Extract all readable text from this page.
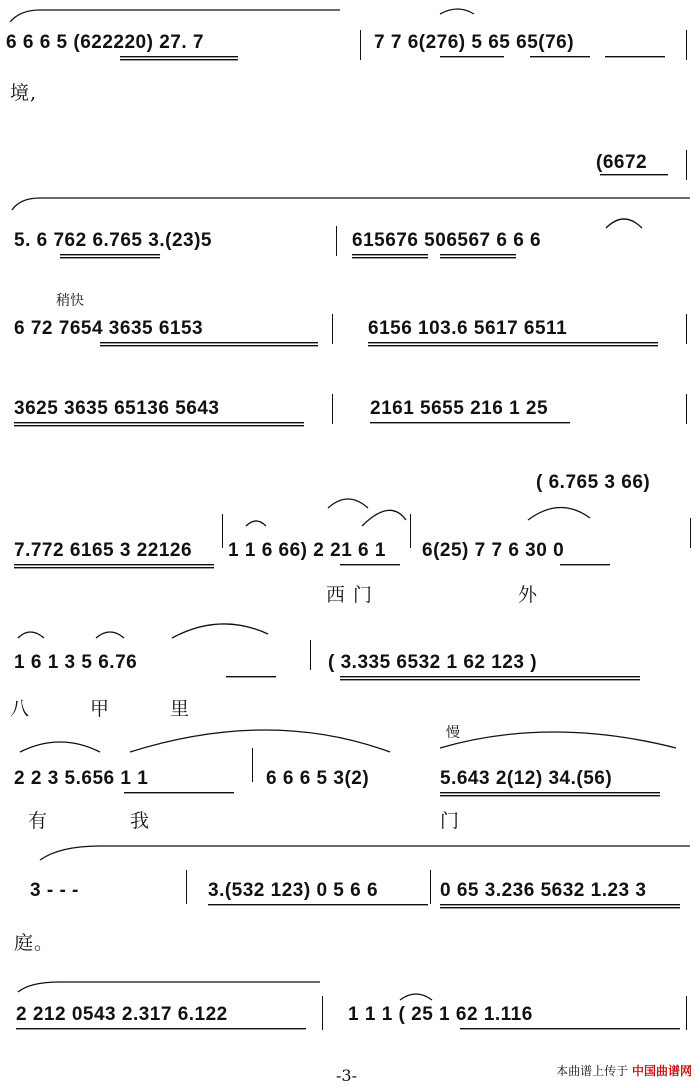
6 6 6 5 (622220) 27. 7	7 7 6(276) 5 65 65(76)
境,
(6672
5. 6 762 6.765 3.(23)5	615676 506567 6 6 6
稍快
6 72 7654 3635 6153	6156 103.6 5617 6511
3625 3635 65136 5643	2161 5655 216 1 25
( 6.765 3 66)
7.772 6165 3 22126 1 1 6 66) 2 21 6 1 6(25) 7 7 6 30 0
西 门	外
1 6 1 3 5 6.76	( 3.335 6532 1 62 123 )
八	甲	里
慢
2 2 3 5.656 1 1	6 6 6 5 3(2)	5.643 2(12) 34.(56)
有	我	门
3 - - -	3.(532 123) 0 5 6 6	0 65 3.236 5632 1.23 3
庭。
2 212 0543 2.317 6.122	1 1 1 ( 25 1 62 1.116
-3-	本曲谱上传于 中国曲谱网
